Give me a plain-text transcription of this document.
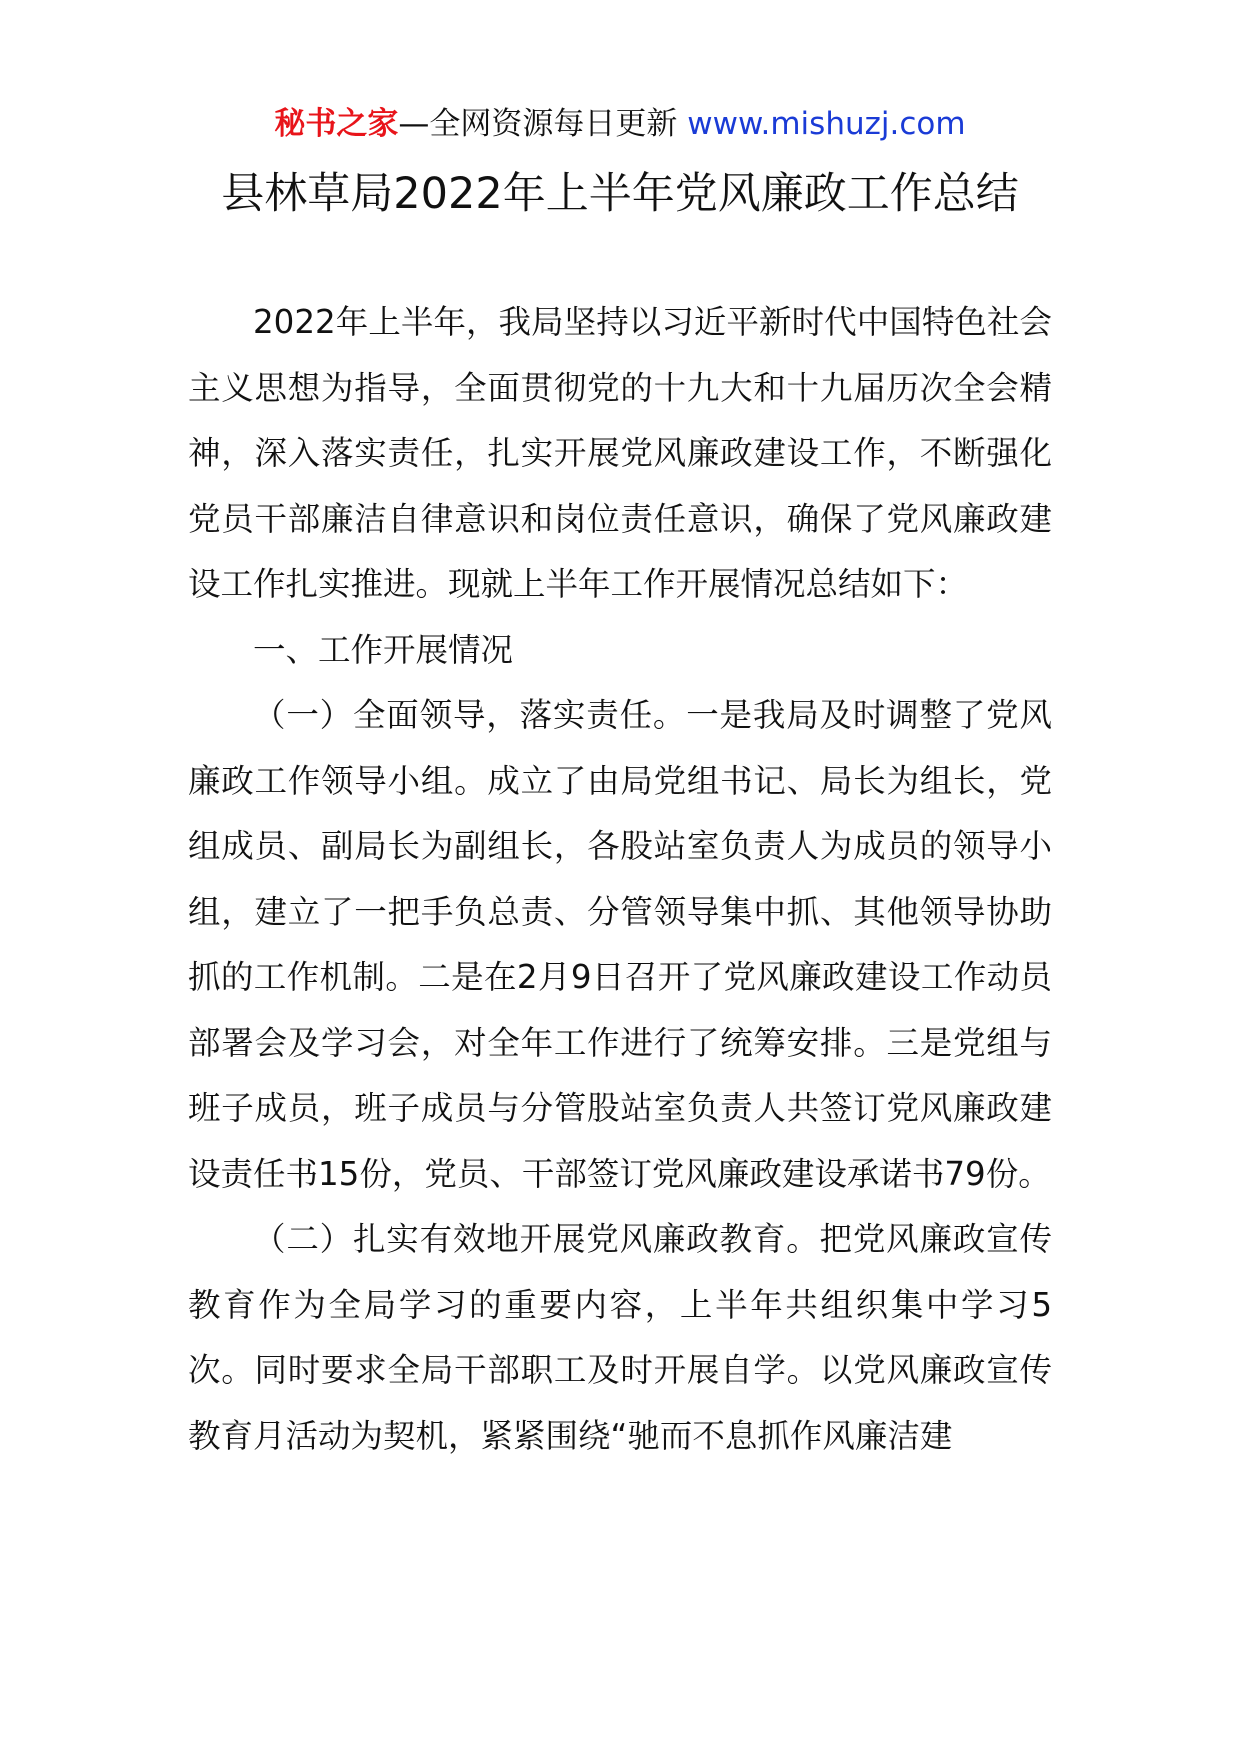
秘书之家—全网资源每日更新 www.mishuzj.com
县林草局2022年上半年党风廉政工作总结

2022年上半年，我局坚持以习近平新时代中国特色社会主义思想为指导，全面贯彻党的十九大和十九届历次全会精神，深入落实责任，扎实开展党风廉政建设工作，不断强化党员干部廉洁自律意识和岗位责任意识，确保了党风廉政建设工作扎实推进。现就上半年工作开展情况总结如下：

一、工作开展情况

（一）全面领导，落实责任。一是我局及时调整了党风廉政工作领导小组。成立了由局党组书记、局长为组长，党组成员、副局长为副组长，各股站室负责人为成员的领导小组，建立了一把手负总责、分管领导集中抓、其他领导协助抓的工作机制。二是在2月9日召开了党风廉政建设工作动员部署会及学习会，对全年工作进行了统筹安排。三是党组与班子成员，班子成员与分管股站室负责人共签订党风廉政建设责任书15份，党员、干部签订党风廉政建设承诺书79份。

（二）扎实有效地开展党风廉政教育。把党风廉政宣传教育作为全局学习的重要内容，上半年共组织集中学习5次。同时要求全局干部职工及时开展自学。以党风廉政宣传教育月活动为契机，紧紧围绕“驰而不息抓作风廉洁建
